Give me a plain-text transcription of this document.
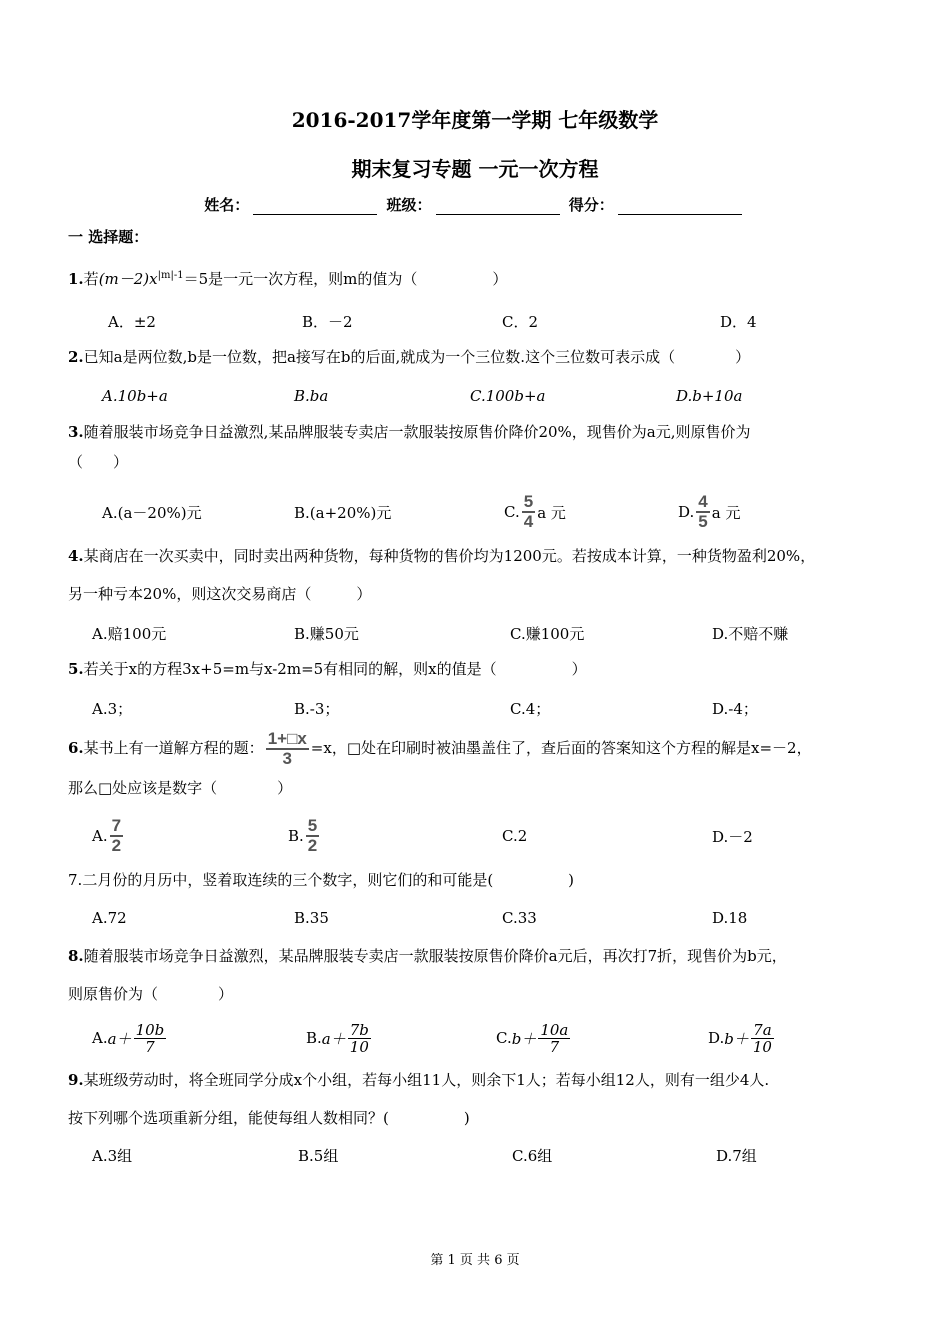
2016-2017学年度第一学期 七年级数学
期末复习专题 一元一次方程
姓名：	班级：	得分：
一 选择题：
1.若$(m-2)x^{|m|-1}=5$是一元一次方程，则m的值为（　　　　　）
A．±2	B．－2	C．2	D．4
2.已知a是两位数,b是一位数，把a接写在b的后面,就成为一个三位数.这个三位数可表示成（　　　　）
A.10b+a	B.ba	C.100b+a	D.b+10a
3.随着服装市场竞争日益激烈,某品牌服装专卖店一款服装按原售价降价20%，现售价为a元,则原售价为
（　　）
A.(a－20%)元	B.(a+20%)元	C. $\frac{5}{4}$ a 元	D. $\frac{4}{5}$ a 元
4.某商店在一次买卖中，同时卖出两种货物，每种货物的售价均为1200元。若按成本计算，一种货物盈利20%，
另一种亏本20%，则这次交易商店（　　　）
A.赔100元	B.赚50元	C.赚100元	D.不赔不赚
5.若关于x的方程3x+5=m与x-2m=5有相同的解，则x的值是（　　　　　）
A.3；	B.-3；	C.4；	D.-4；
6.某书上有一道解方程的题： $\frac{1+□x}{3} =x$，□处在印刷时被油墨盖住了，查后面的答案知这个方程的解是x=－2，
那么□处应该是数字（　　　　）
A. $\frac{7}{2}$	B. $\frac{5}{2}$	C.2	D.－2
7.二月份的月历中，竖着取连续的三个数字，则它们的和可能是(　　　　　)
A.72	B.35	C.33	D.18
8.随着服装市场竞争日益激烈，某品牌服装专卖店一款服装按原售价降价a元后，再次打7折，现售价为b元，
则原售价为（　　　　）
A. $a+ \frac{10b}{7}$	B. $a+ \frac{7b}{10}$	C. $b+ \frac{10a}{7}$	D. $b+ \frac{7a}{10}$
9.某班级劳动时，将全班同学分成x个小组，若每小组11人，则余下1人；若每小组12人，则有一组少4人.
按下列哪个选项重新分组，能使每组人数相同？(　　　　　)
A.3组	B.5组	C.6组	D.7组
第 1 页 共 6 页
